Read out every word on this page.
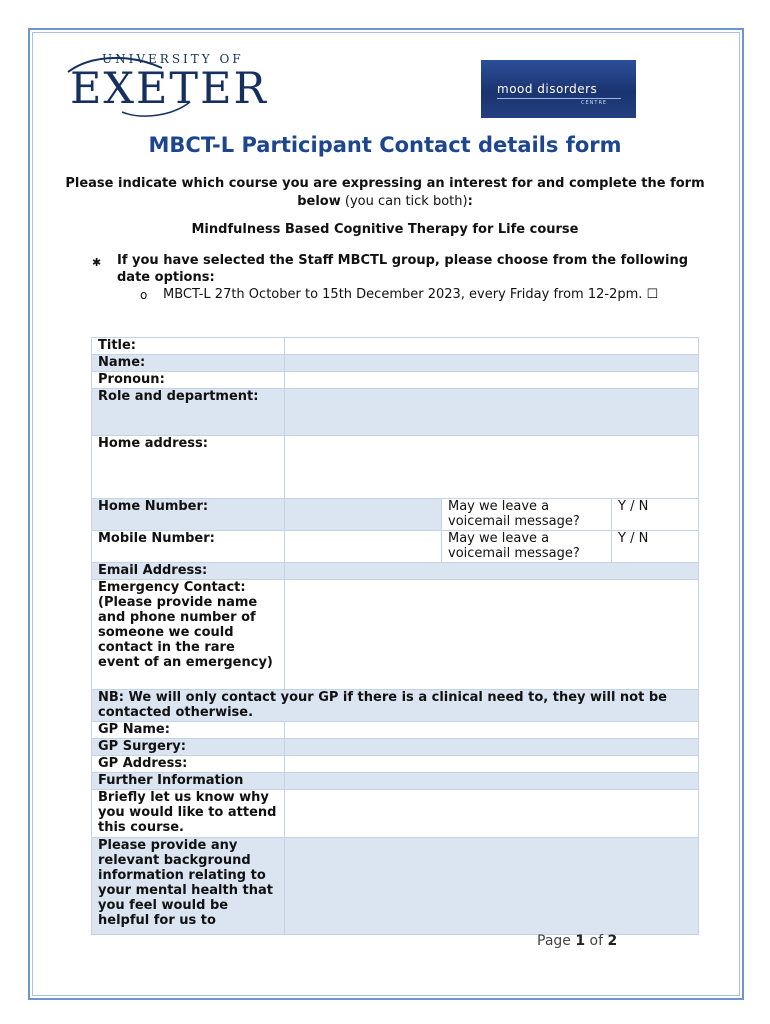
UNIVERSITY OF
EXETER	mood disorders
CENTRE
MBCT-L Participant Contact details form
Please indicate which course you are expressing an interest for and complete the form below (you can tick both):
Mindfulness Based Cognitive Therapy for Life course
✱ If you have selected the Staff MBCTL group, please choose from the following date options:
o MBCT-L 27th October to 15th December 2023, every Friday from 12-2pm. ☐
Title:			
Name:			
Pronoun:			
Role and department:			
Home address:			
Home Number:		May we leave a voicemail message?	Y / N
Mobile Number:		May we leave a voicemail message?	Y / N
Email Address:			
Emergency Contact: (Please provide name and phone number of someone we could contact in the rare event of an emergency)			
NB: We will only contact your GP if there is a clinical need to, they will not be contacted otherwise.			
GP Name:			
GP Surgery:			
GP Address:			
Further Information			
Briefly let us know why you would like to attend this course.			
Please provide any relevant background information relating to your mental health that you feel would be helpful for us to			
Page 1 of 2
